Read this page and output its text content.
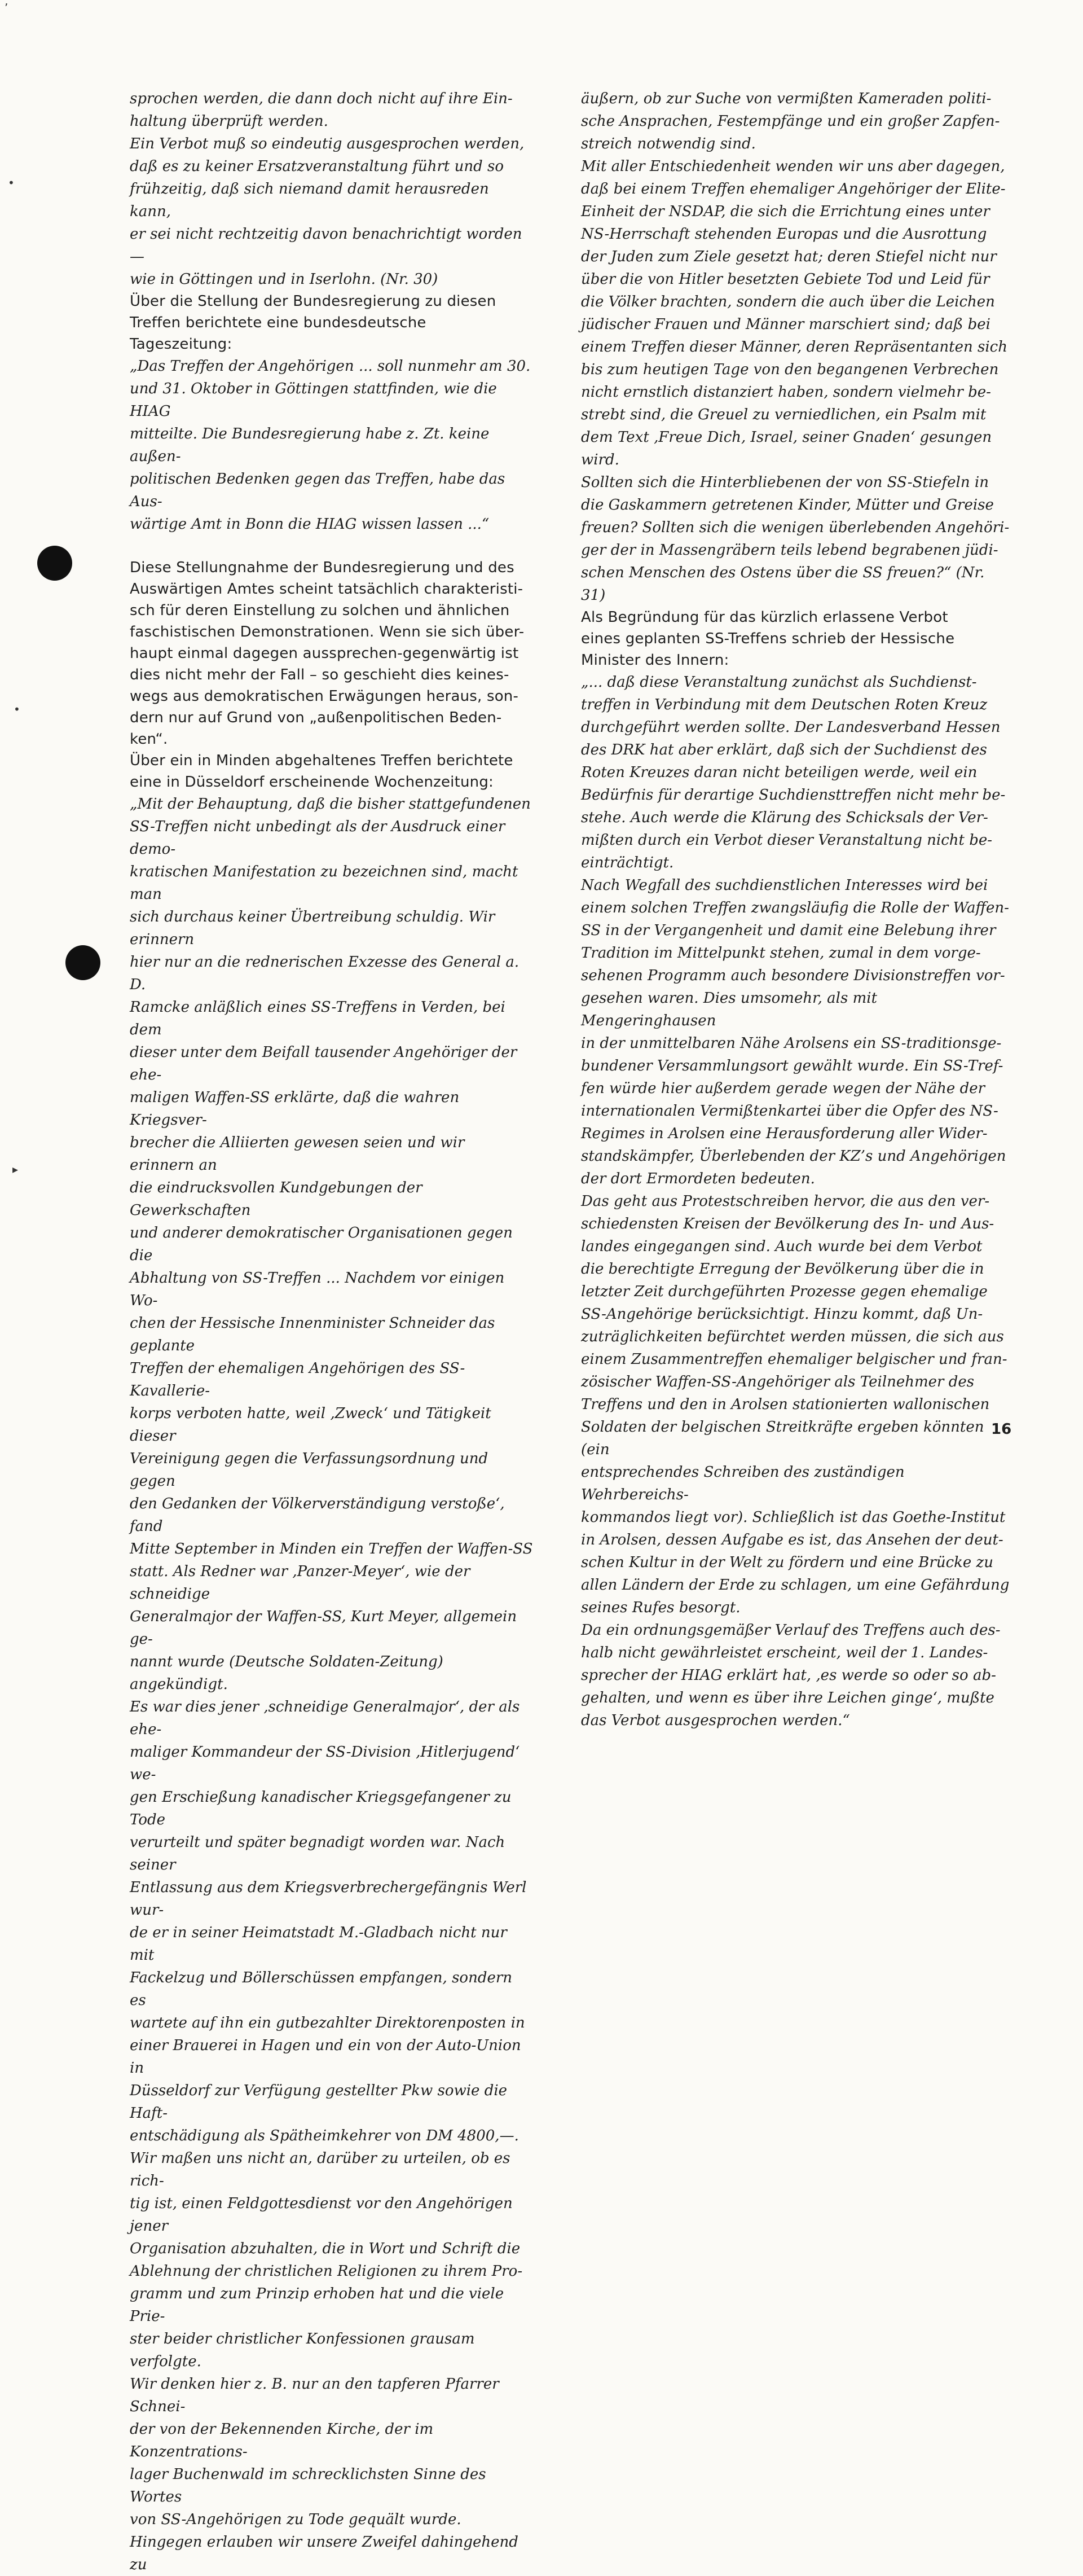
’
•
•
▸

sprochen werden, die dann doch nicht auf ihre Ein-
haltung überprüft werden.
Ein Verbot muß so eindeutig ausgesprochen werden,
daß es zu keiner Ersatzveranstaltung führt und so
frühzeitig, daß sich niemand damit herausreden kann,
er sei nicht rechtzeitig davon benachrichtigt worden —
wie in Göttingen und in Iserlohn. (Nr. 30)

Über die Stellung der Bundesregierung zu diesen
Treffen berichtete eine bundesdeutsche Tageszeitung:

„Das Treffen der Angehörigen ... soll nunmehr am 30.
und 31. Oktober in Göttingen stattfinden, wie die HIAG
mitteilte. Die Bundesregierung habe z. Zt. keine außen-
politischen Bedenken gegen das Treffen, habe das Aus-
wärtige Amt in Bonn die HIAG wissen lassen ...“

Diese Stellungnahme der Bundesregierung und des
Auswärtigen Amtes scheint tatsächlich charakteristi-
sch für deren Einstellung zu solchen und ähnlichen
faschistischen Demonstrationen. Wenn sie sich über-
haupt einmal dagegen aussprechen-gegenwärtig ist
dies nicht mehr der Fall – so geschieht dies keines-
wegs aus demokratischen Erwägungen heraus, son-
dern nur auf Grund von „außenpolitischen Beden-
ken“.
Über ein in Minden abgehaltenes Treffen berichtete
eine in Düsseldorf erscheinende Wochenzeitung:

„Mit der Behauptung, daß die bisher stattgefundenen
SS-Treffen nicht unbedingt als der Ausdruck einer demo-
kratischen Manifestation zu bezeichnen sind, macht man
sich durchaus keiner Übertreibung schuldig. Wir erinnern
hier nur an die rednerischen Exzesse des General a. D.
Ramcke anläßlich eines SS-Treffens in Verden, bei dem
dieser unter dem Beifall tausender Angehöriger der ehe-
maligen Waffen-SS erklärte, daß die wahren Kriegsver-
brecher die Alliierten gewesen seien und wir erinnern an
die eindrucksvollen Kundgebungen der Gewerkschaften
und anderer demokratischer Organisationen gegen die
Abhaltung von SS-Treffen ... Nachdem vor einigen Wo-
chen der Hessische Innenminister Schneider das geplante
Treffen der ehemaligen Angehörigen des SS-Kavallerie-
korps verboten hatte, weil ‚Zweck‘ und Tätigkeit dieser
Vereinigung gegen die Verfassungsordnung und gegen
den Gedanken der Völkerverständigung verstoße‘, fand
Mitte September in Minden ein Treffen der Waffen-SS
statt. Als Redner war ‚Panzer-Meyer‘, wie der schneidige
Generalmajor der Waffen-SS, Kurt Meyer, allgemein ge-
nannt wurde (Deutsche Soldaten-Zeitung) angekündigt.
Es war dies jener ‚schneidige Generalmajor‘, der als ehe-
maliger Kommandeur der SS-Division ‚Hitlerjugend‘ we-
gen Erschießung kanadischer Kriegsgefangener zu Tode
verurteilt und später begnadigt worden war. Nach seiner
Entlassung aus dem Kriegsverbrechergefängnis Werl wur-
de er in seiner Heimatstadt M.-Gladbach nicht nur mit
Fackelzug und Böllerschüssen empfangen, sondern es
wartete auf ihn ein gutbezahlter Direktorenposten in
einer Brauerei in Hagen und ein von der Auto-Union in
Düsseldorf zur Verfügung gestellter Pkw sowie die Haft-
entschädigung als Spätheimkehrer von DM 4800,—.
Wir maßen uns nicht an, darüber zu urteilen, ob es rich-
tig ist, einen Feldgottesdienst vor den Angehörigen jener
Organisation abzuhalten, die in Wort und Schrift die
Ablehnung der christlichen Religionen zu ihrem Pro-
gramm und zum Prinzip erhoben hat und die viele Prie-
ster beider christlicher Konfessionen grausam verfolgte.
Wir denken hier z. B. nur an den tapferen Pfarrer Schnei-
der von der Bekennenden Kirche, der im Konzentrations-
lager Buchenwald im schrecklichsten Sinne des Wortes
von SS-Angehörigen zu Tode gequält wurde.
Hingegen erlauben wir unsere Zweifel dahingehend zu

äußern, ob zur Suche von vermißten Kameraden politi-
sche Ansprachen, Festempfänge und ein großer Zapfen-
streich notwendig sind.
Mit aller Entschiedenheit wenden wir uns aber dagegen,
daß bei einem Treffen ehemaliger Angehöriger der Elite-
Einheit der NSDAP, die sich die Errichtung eines unter
NS-Herrschaft stehenden Europas und die Ausrottung
der Juden zum Ziele gesetzt hat; deren Stiefel nicht nur
über die von Hitler besetzten Gebiete Tod und Leid für
die Völker brachten, sondern die auch über die Leichen
jüdischer Frauen und Männer marschiert sind; daß bei
einem Treffen dieser Männer, deren Repräsentanten sich
bis zum heutigen Tage von den begangenen Verbrechen
nicht ernstlich distanziert haben, sondern vielmehr be-
strebt sind, die Greuel zu verniedlichen, ein Psalm mit
dem Text ‚Freue Dich, Israel, seiner Gnaden‘ gesungen
wird.
Sollten sich die Hinterbliebenen der von SS-Stiefeln in
die Gaskammern getretenen Kinder, Mütter und Greise
freuen? Sollten sich die wenigen überlebenden Angehöri-
ger der in Massengräbern teils lebend begrabenen jüdi-
schen Menschen des Ostens über die SS freuen?“ (Nr. 31)

Als Begründung für das kürzlich erlassene Verbot
eines geplanten SS-Treffens schrieb der Hessische
Minister des Innern:

„... daß diese Veranstaltung zunächst als Suchdienst-
treffen in Verbindung mit dem Deutschen Roten Kreuz
durchgeführt werden sollte. Der Landesverband Hessen
des DRK hat aber erklärt, daß sich der Suchdienst des
Roten Kreuzes daran nicht beteiligen werde, weil ein
Bedürfnis für derartige Suchdiensttreffen nicht mehr be-
stehe. Auch werde die Klärung des Schicksals der Ver-
mißten durch ein Verbot dieser Veranstaltung nicht be-
einträchtigt.
Nach Wegfall des suchdienstlichen Interesses wird bei
einem solchen Treffen zwangsläufig die Rolle der Waffen-
SS in der Vergangenheit und damit eine Belebung ihrer
Tradition im Mittelpunkt stehen, zumal in dem vorge-
sehenen Programm auch besondere Divisionstreffen vor-
gesehen waren. Dies umsomehr, als mit Mengeringhausen
in der unmittelbaren Nähe Arolsens ein SS-traditionsge-
bundener Versammlungsort gewählt wurde. Ein SS-Tref-
fen würde hier außerdem gerade wegen der Nähe der
internationalen Vermißtenkartei über die Opfer des NS-
Regimes in Arolsen eine Herausforderung aller Wider-
standskämpfer, Überlebenden der KZ’s und Angehörigen
der dort Ermordeten bedeuten.
Das geht aus Protestschreiben hervor, die aus den ver-
schiedensten Kreisen der Bevölkerung des In- und Aus-
landes eingegangen sind. Auch wurde bei dem Verbot
die berechtigte Erregung der Bevölkerung über die in
letzter Zeit durchgeführten Prozesse gegen ehemalige
SS-Angehörige berücksichtigt. Hinzu kommt, daß Un-
zuträglichkeiten befürchtet werden müssen, die sich aus
einem Zusammentreffen ehemaliger belgischer und fran-
zösischer Waffen-SS-Angehöriger als Teilnehmer des
Treffens und den in Arolsen stationierten wallonischen
Soldaten der belgischen Streitkräfte ergeben könnten (ein
entsprechendes Schreiben des zuständigen Wehrbereichs-
kommandos liegt vor). Schließlich ist das Goethe-Institut
in Arolsen, dessen Aufgabe es ist, das Ansehen der deut-
schen Kultur in der Welt zu fördern und eine Brücke zu
allen Ländern der Erde zu schlagen, um eine Gefährdung
seines Rufes besorgt.
Da ein ordnungsgemäßer Verlauf des Treffens auch des-
halb nicht gewährleistet erscheint, weil der 1. Landes-
sprecher der HIAG erklärt hat, ‚es werde so oder so ab-
gehalten, und wenn es über ihre Leichen ginge‘, mußte
das Verbot ausgesprochen werden.“

16
